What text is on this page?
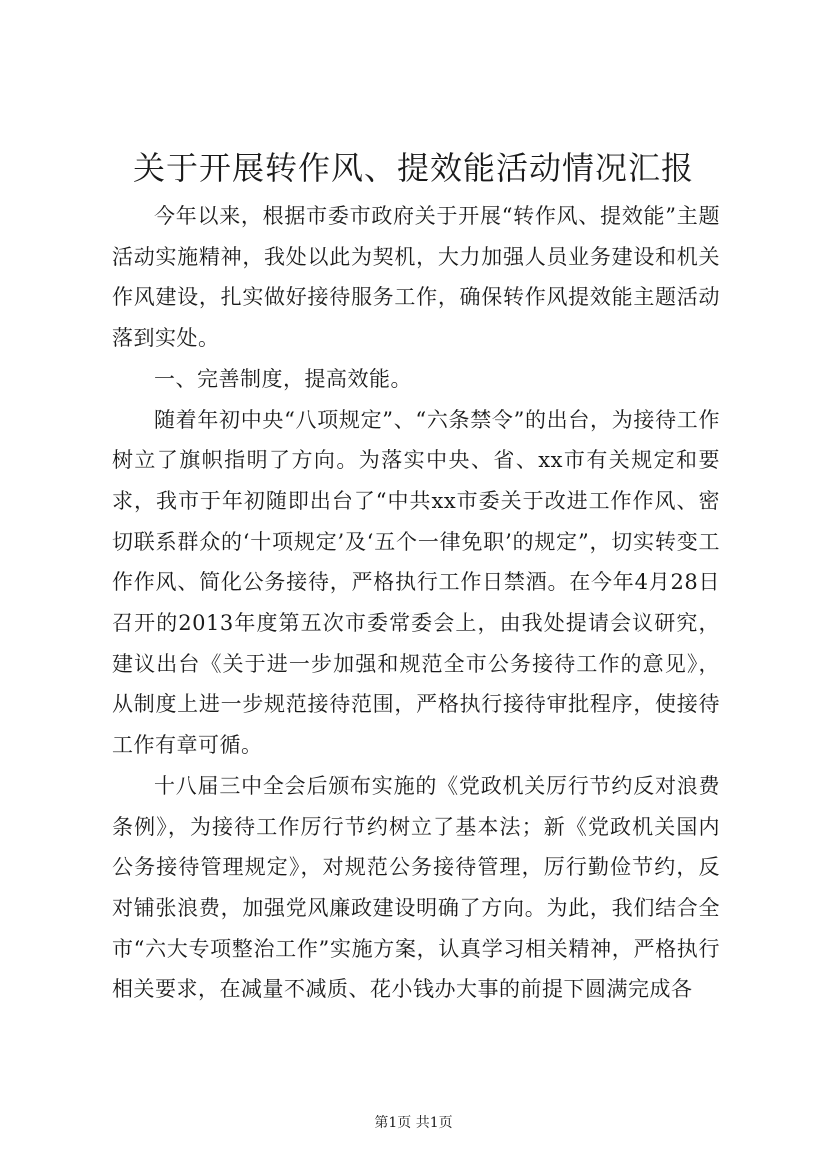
关于开展转作风、提效能活动情况汇报

今年以来，根据市委市政府关于开展“转作风、提效能”主题活动实施精神，我处以此为契机，大力加强人员业务建设和机关作风建设，扎实做好接待服务工作，确保转作风提效能主题活动落到实处。

一、完善制度，提高效能。

随着年初中央“八项规定”、“六条禁令”的出台，为接待工作树立了旗帜指明了方向。为落实中央、省、xx市有关规定和要求，我市于年初随即出台了“中共xx市委关于改进工作作风、密切联系群众的‘十项规定’及‘五个一律免职’的规定”，切实转变工作作风、简化公务接待，严格执行工作日禁酒。在今年4月28日召开的2013年度第五次市委常委会上，由我处提请会议研究，建议出台《关于进一步加强和规范全市公务接待工作的意见》，从制度上进一步规范接待范围，严格执行接待审批程序，使接待工作有章可循。

十八届三中全会后颁布实施的《党政机关厉行节约反对浪费条例》，为接待工作厉行节约树立了基本法；新《党政机关国内公务接待管理规定》，对规范公务接待管理，厉行勤俭节约，反对铺张浪费，加强党风廉政建设明确了方向。为此，我们结合全市“六大专项整治工作”实施方案，认真学习相关精神，严格执行相关要求，在减量不减质、花小钱办大事的前提下圆满完成各

第1页 共1页
